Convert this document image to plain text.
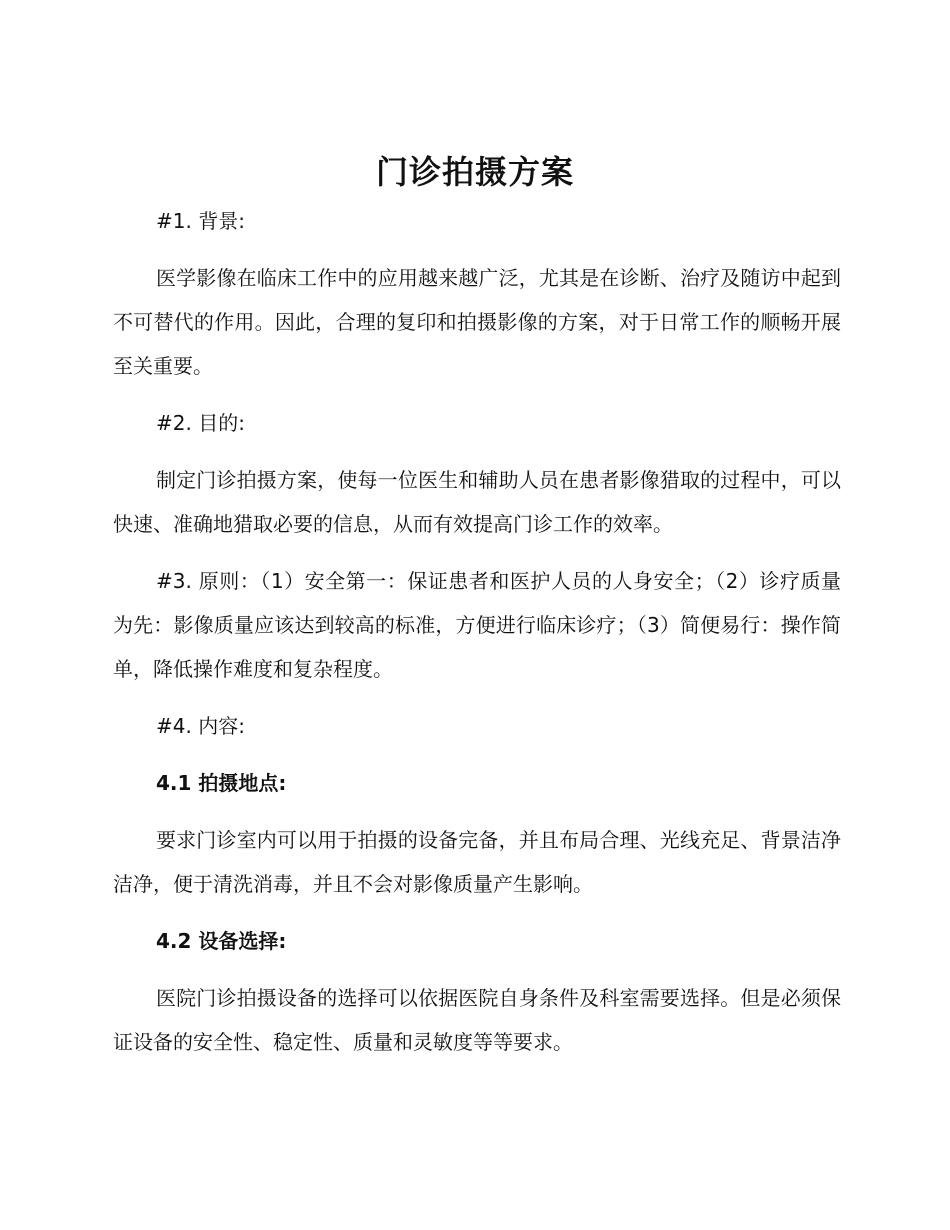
门诊拍摄方案

#1. 背景:

医学影像在临床工作中的应用越来越广泛，尤其是在诊断、治疗及随访中起到不可替代的作用。因此，合理的复印和拍摄影像的方案，对于日常工作的顺畅开展至关重要。

#2. 目的:

制定门诊拍摄方案，使每一位医生和辅助人员在患者影像猎取的过程中，可以快速、准确地猎取必要的信息，从而有效提高门诊工作的效率。

#3. 原则：（1）安全第一：保证患者和医护人员的人身安全；（2）诊疗质量为先：影像质量应该达到较高的标准，方便进行临床诊疗；（3）简便易行：操作简单，降低操作难度和复杂程度。

#4. 内容:

4.1 拍摄地点:

要求门诊室内可以用于拍摄的设备完备，并且布局合理、光线充足、背景洁净洁净，便于清洗消毒，并且不会对影像质量产生影响。

4.2 设备选择:

医院门诊拍摄设备的选择可以依据医院自身条件及科室需要选择。但是必须保证设备的安全性、稳定性、质量和灵敏度等等要求。
